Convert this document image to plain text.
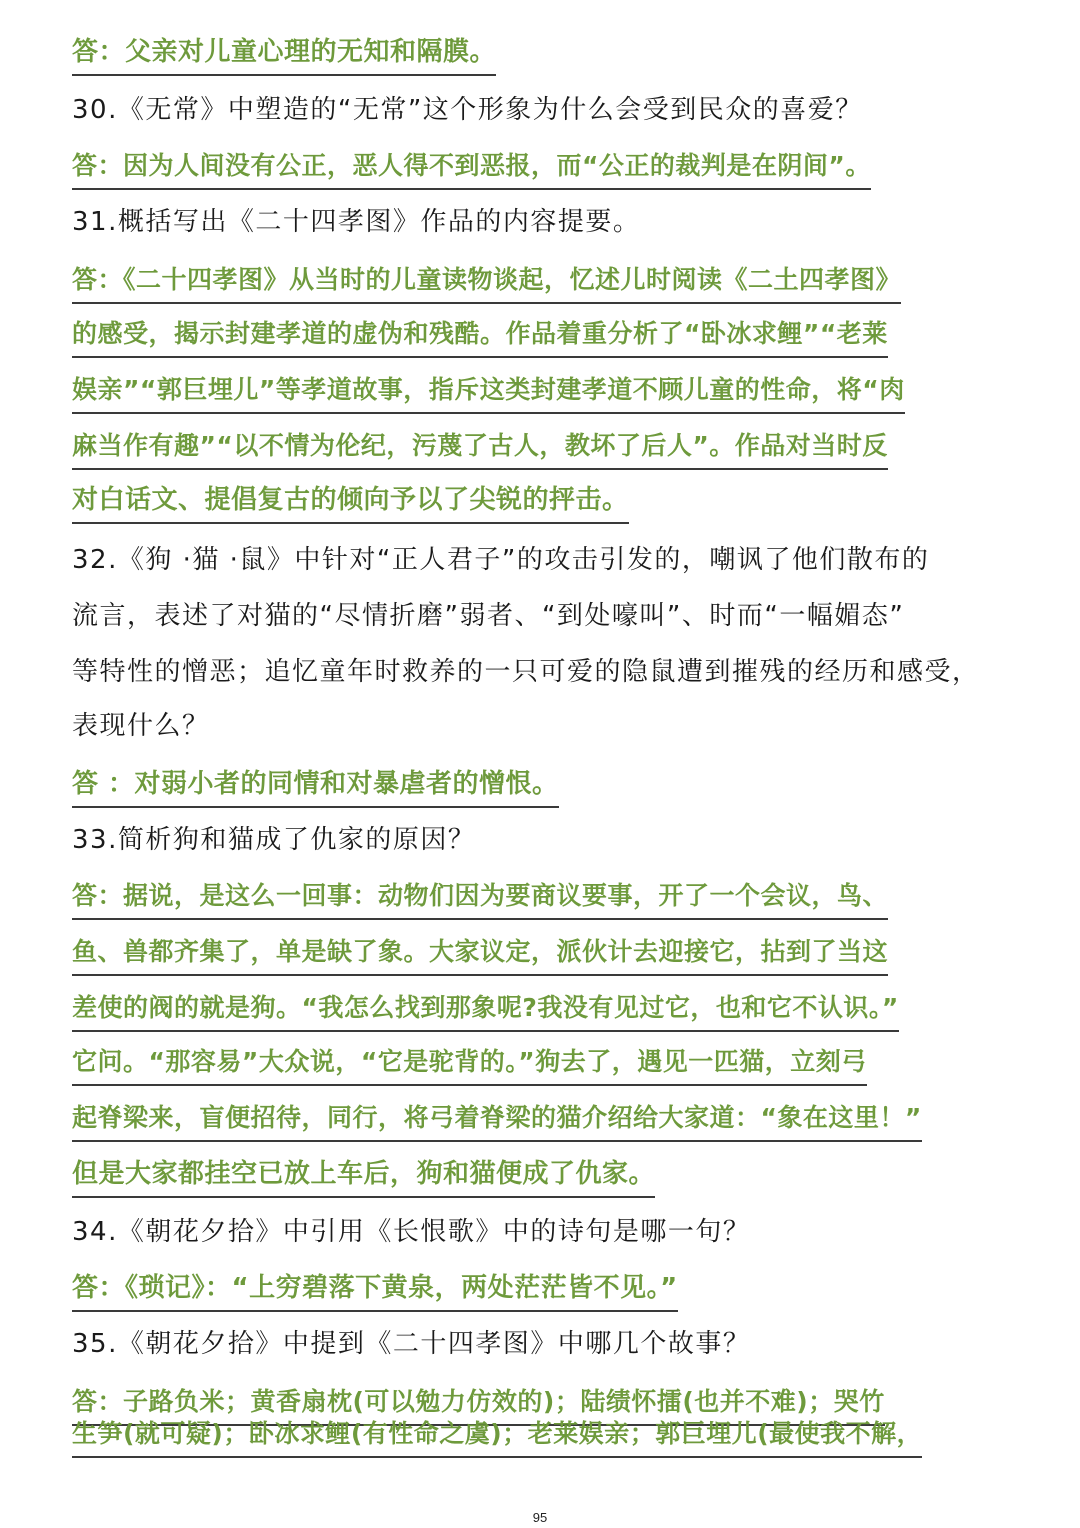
答：父亲对儿童心理的无知和隔膜。
30.《无常》中塑造的“无常”这个形象为什么会受到民众的喜爱？
答：因为人间没有公正，恶人得不到恶报，而“公正的裁判是在阴间”。
31.概括写出《二十四孝图》作品的内容提要。
答：《二十四孝图》从当时的儿童读物谈起，忆述儿时阅读《二土四孝图》
的感受，揭示封建孝道的虚伪和残酷。作品着重分析了“卧冰求鲤”“老莱
娱亲”“郭巨埋儿”等孝道故事，指斥这类封建孝道不顾儿童的性命，将“肉
麻当作有趣”“以不情为伦纪，污蔑了古人，教坏了后人”。作品对当时反
对白话文、提倡复古的倾向予以了尖锐的抨击。
32.《狗 ·猫 ·鼠》中针对“正人君子”的攻击引发的，嘲讽了他们散布的
流言，表述了对猫的“尽情折磨”弱者、“到处嚎叫”、时而“一幅媚态”
等特性的憎恶；追忆童年时救养的一只可爱的隐鼠遭到摧残的经历和感受，
表现什么？
答 ：对弱小者的同情和对暴虐者的憎恨。
33.简析狗和猫成了仇家的原因？
答：据说，是这么一回事：动物们因为要商议要事，开了一个会议，鸟、
鱼、兽都齐集了，单是缺了象。大家议定，派伙计去迎接它，拈到了当这
差使的阀的就是狗。“我怎么找到那象呢?我没有见过它，也和它不认识。”
它问。“那容易”大众说，“它是驼背的。”狗去了，遇见一匹猫，立刻弓
起脊梁来，盲便招待，同行，将弓着脊梁的猫介绍给大家道：“象在这里！”
但是大家都挂空已放上车后，狗和猫便成了仇家。
34.《朝花夕拾》中引用《长恨歌》中的诗句是哪一句？
答：《琐记》：“上穷碧落下黄泉，两处茫茫皆不见。”
35.《朝花夕拾》中提到《二十四孝图》中哪几个故事？
答：子路负米；黄香扇枕(可以勉力仿效的)；陆绩怀擂(也并不难)；哭竹
生笋(就可疑)；卧冰求鲤(有性命之虞)；老莱娱亲；郭巨埋儿(最使我不解，
95
